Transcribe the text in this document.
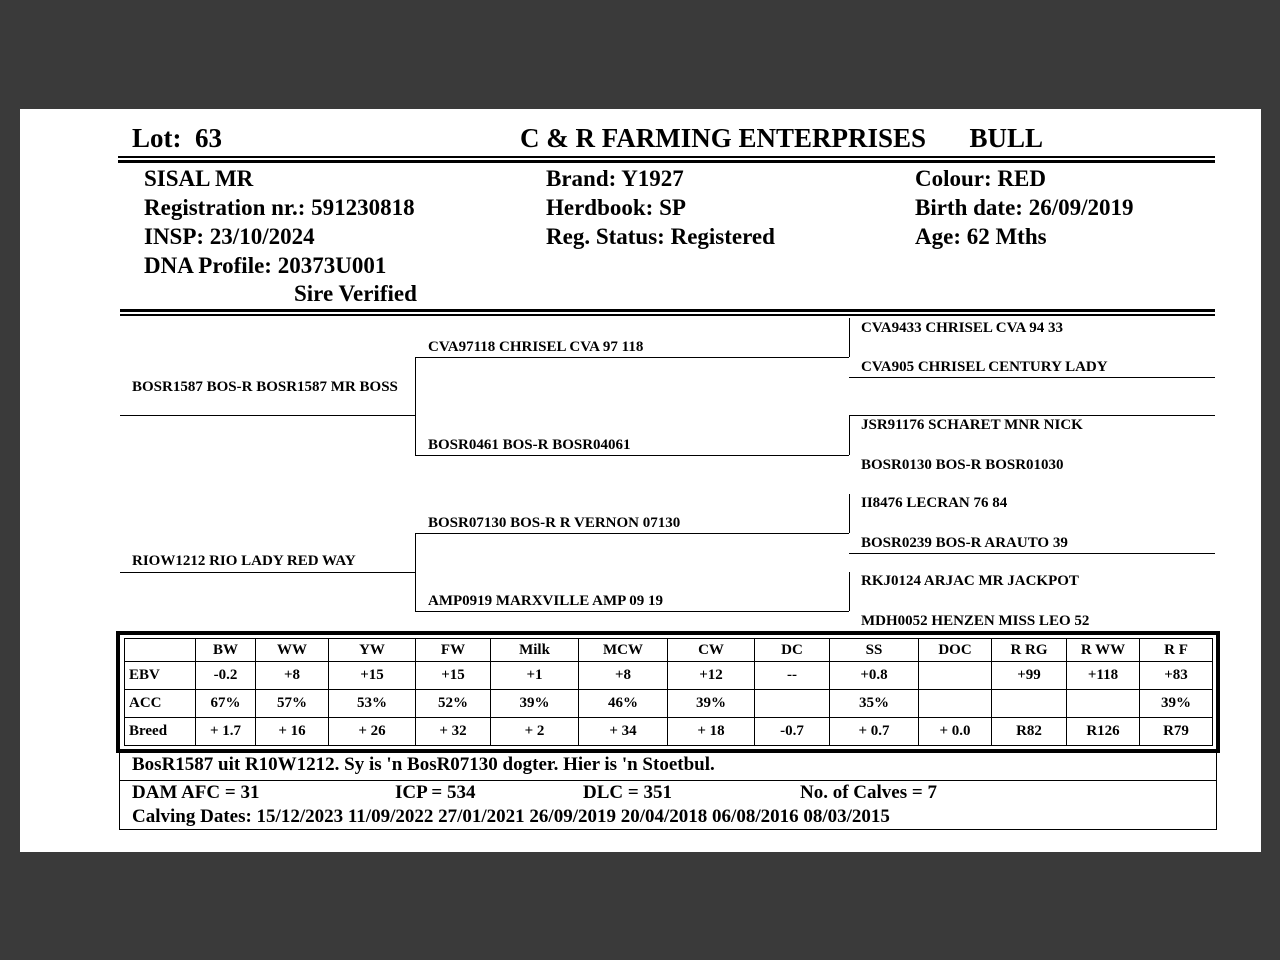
Lot: 63	C & R FARMING ENTERPRISES BULL
SISAL MR
Registration nr.: 591230818
INSP: 23/10/2024
DNA Profile: 20373U001
Sire Verified
Brand: Y1927
Herdbook: SP
Reg. Status: Registered
Colour: RED
Birth date: 26/09/2019
Age: 62 Mths
BOSR1587 BOS-R BOSR1587 MR BOSS
RIOW1212 RIO LADY RED WAY
CVA97118 CHRISEL CVA 97 118
BOSR0461 BOS-R BOSR04061
BOSR07130 BOS-R R VERNON 07130
AMP0919 MARXVILLE AMP 09 19
CVA9433 CHRISEL CVA 94 33
CVA905 CHRISEL CENTURY LADY
JSR91176 SCHARET MNR NICK
BOSR0130 BOS-R BOSR01030
II8476 LECRAN 76 84
BOSR0239 BOS-R ARAUTO 39
RKJ0124 ARJAC MR JACKPOT
MDH0052 HENZEN MISS LEO 52
	BW	WW	YW	FW	Milk	MCW	CW	DC	SS	DOC	R RG	R WW	R F
EBV	-0.2	+8	+15	+15	+1	+8	+12	--	+0.8		+99	+118	+83
ACC	67%	57%	53%	52%	39%	46%	39%		35%				39%
Breed	+ 1.7	+ 16	+ 26	+ 32	+ 2	+ 34	+ 18	-0.7	+ 0.7	+ 0.0	R82	R126	R79
BosR1587 uit R10W1212. Sy is 'n BosR07130 dogter. Hier is 'n Stoetbul.
DAM AFC = 31	ICP = 534	DLC = 351	No. of Calves = 7
Calving Dates: 15/12/2023 11/09/2022 27/01/2021 26/09/2019 20/04/2018 06/08/2016 08/03/2015
